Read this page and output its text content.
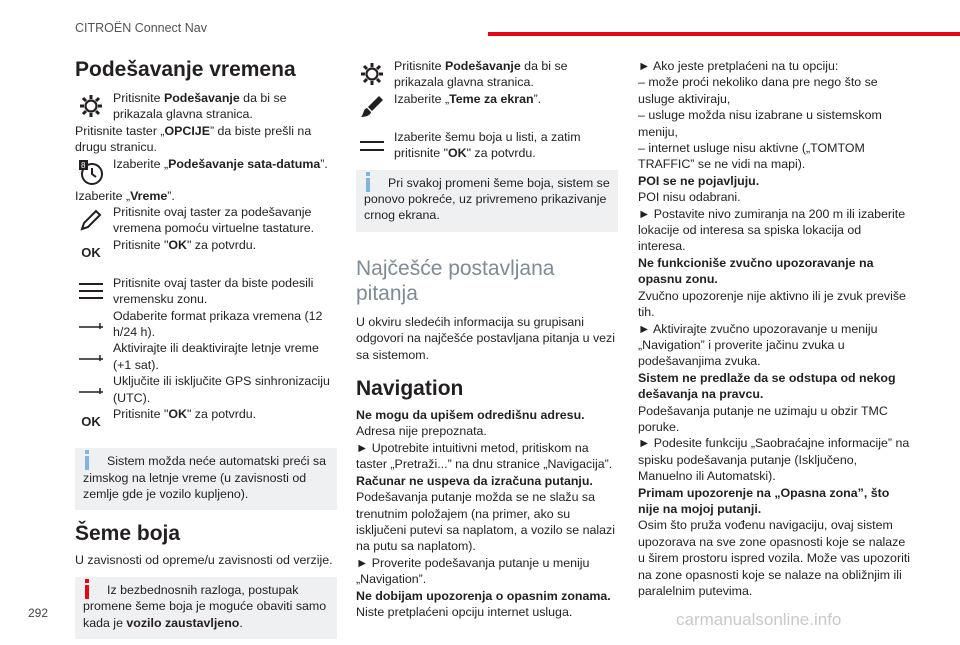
CITROËN Connect Nav
Podešavanje vremena

Pritisnite Podešavanje da bi se prikazala glavna stranica.

Pritisnite taster „OPCIJE” da biste prešli na drugu stranicu.

8 Izaberite „Podešavanje sata-datuma”.

Izaberite „Vreme”.

Pritisnite ovaj taster za podešavanje vremena pomoću virtuelne tastature.

OK Pritisnite "OK" za potvrdu.

Pritisnite ovaj taster da biste podesili vremensku zonu.

Odaberite format prikaza vremena (12 h/24 h).

Aktivirajte ili deaktivirajte letnje vreme (+1 sat).

Uključite ili isključite GPS sinhronizaciju (UTC).

OK Pritisnite "OK" za potvrdu.

Sistem možda neće automatski preći sa zimskog na letnje vreme (u zavisnosti od zemlje gde je vozilo kupljeno).

Šeme boja

U zavisnosti od opreme/u zavisnosti od verzije.

Iz bezbednosnih razloga, postupak promene šeme boja je moguće obaviti samo kada je vozilo zaustavljeno.

Pritisnite Podešavanje da bi se prikazala glavna stranica.

Izaberite „Teme za ekran”.

Izaberite šemu boja u listi, a zatim pritisnite "OK" za potvrdu.

Pri svakoj promeni šeme boja, sistem se ponovo pokreće, uz privremeno prikazivanje crnog ekrana.

Najčešće postavljana pitanja

U okviru sledećih informacija su grupisani odgovori na najčešće postavljana pitanja u vezi sa sistemom.

Navigation

Ne mogu da upišem odredišnu adresu.

Adresa nije prepoznata.

► Upotrebite intuitivni metod, pritiskom na taster „Pretraži...” na dnu stranice „Navigacija”.

Računar ne uspeva da izračuna putanju.

Podešavanja putanje možda se ne slažu sa trenutnim položajem (na primer, ako su isključeni putevi sa naplatom, a vozilo se nalazi na putu sa naplatom).

► Proverite podešavanja putanje u meniju „Navigation”.

Ne dobijam upozorenja o opasnim zonama.

Niste pretplaćeni opciju internet usluga.

► Ako jeste pretplaćeni na tu opciju:

– može proći nekoliko dana pre nego što se usluge aktiviraju,

– usluge možda nisu izabrane u sistemskom meniju,

– internet usluge nisu aktivne („TOMTOM TRAFFIC” se ne vidi na mapi).

POI se ne pojavljuju.

POI nisu odabrani.

► Postavite nivo zumiranja na 200 m ili izaberite lokacije od interesa sa spiska lokacija od interesa.

Ne funkcioniše zvučno upozoravanje na opasnu zonu.

Zvučno upozorenje nije aktivno ili je zvuk previše tih.

► Aktivirajte zvučno upozoravanje u meniju „Navigation” i proverite jačinu zvuka u podešavanjima zvuka.

Sistem ne predlaže da se odstupa od nekog dešavanja na pravcu.

Podešavanja putanje ne uzimaju u obzir TMC poruke.

► Podesite funkciju „Saobraćajne informacije” na spisku podešavanja putanje (Isključeno, Manuelno ili Automatski).

Primam upozorenje na „Opasna zona”, što nije na mojoj putanji.

Osim što pruža vođenu navigaciju, ovaj sistem upozorava na sve zone opasnosti koje se nalaze u širem prostoru ispred vozila. Može vas upozoriti na zone opasnosti koje se nalaze na obližnjim ili paralelnim putevima.

292	carmanualsonline.info
